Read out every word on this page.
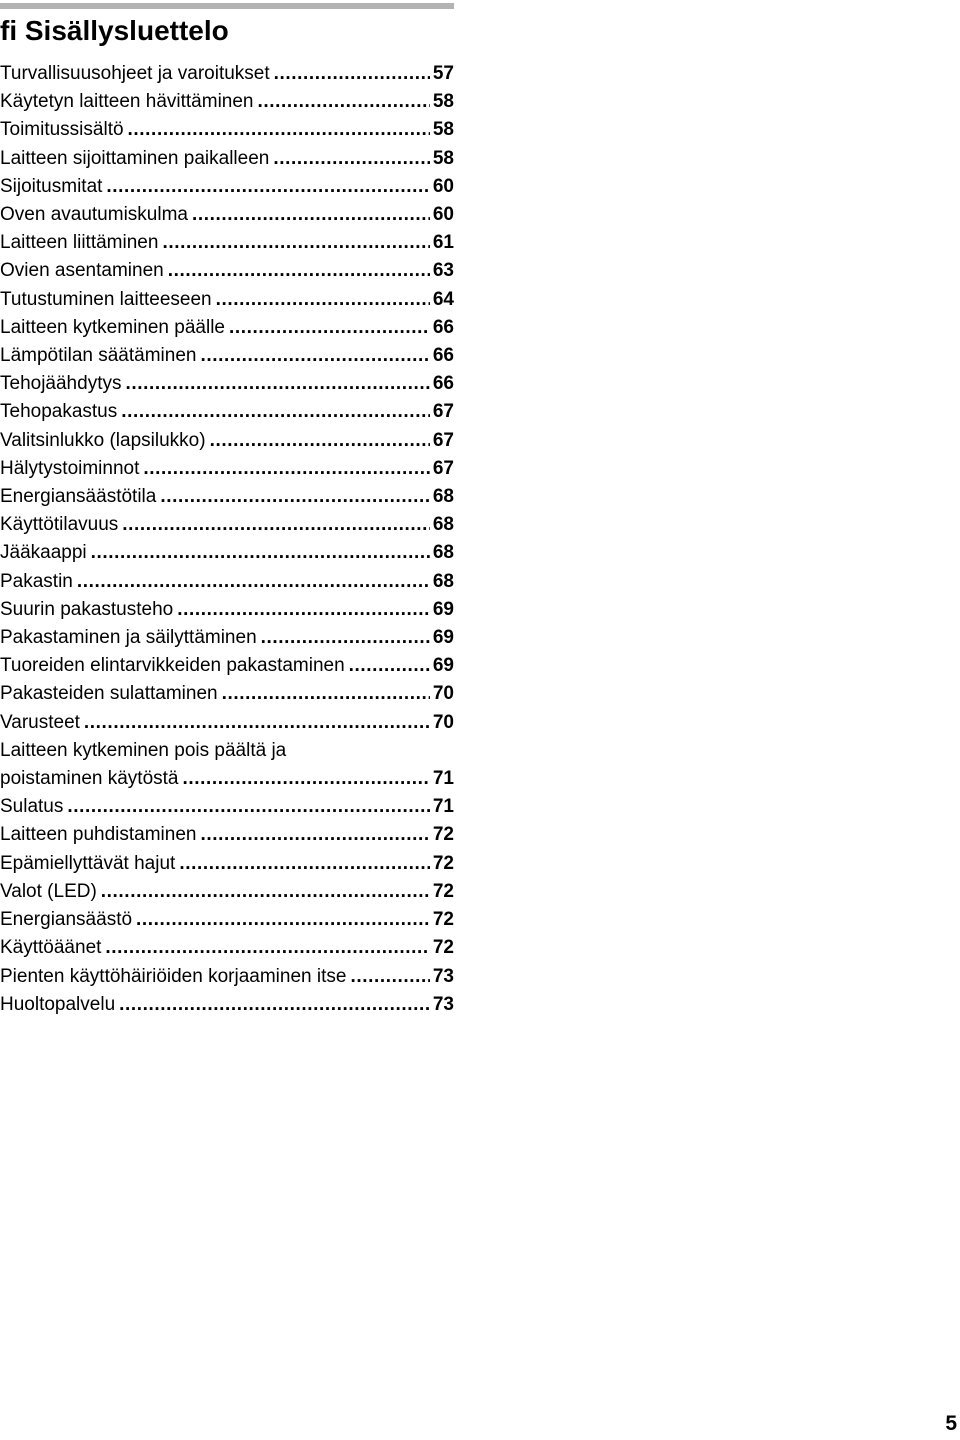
fi Sisällysluettelo
Turvallisuusohjeet ja varoitukset .....	57
Käytetyn laitteen hävittäminen .....	58
Toimitussisältö .....	58
Laitteen sijoittaminen paikalleen .....	58
Sijoitusmitat .....	60
Oven avautumiskulma .....	60
Laitteen liittäminen .....	61
Ovien asentaminen .....	63
Tutustuminen laitteeseen .....	64
Laitteen kytkeminen päälle .....	66
Lämpötilan säätäminen .....	66
Tehojäähdytys .....	66
Tehopakastus .....	67
Valitsinlukko (lapsilukko) .....	67
Hälytystoiminnot .....	67
Energiansäästötila .....	68
Käyttötilavuus .....	68
Jääkaappi .....	68
Pakastin .....	68
Suurin pakastusteho .....	69
Pakastaminen ja säilyttäminen .....	69
Tuoreiden elintarvikkeiden pakastaminen .....	69
Pakasteiden sulattaminen .....	70
Varusteet .....	70
Laitteen kytkeminen pois päältä ja
poistaminen käytöstä .....	71
Sulatus .....	71
Laitteen puhdistaminen .....	72
Epämiellyttävät hajut .....	72
Valot (LED) .....	72
Energiansäästö .....	72
Käyttöäänet .....	72
Pienten käyttöhäiriöiden korjaaminen itse .....	73
Huoltopalvelu .....	73
5
